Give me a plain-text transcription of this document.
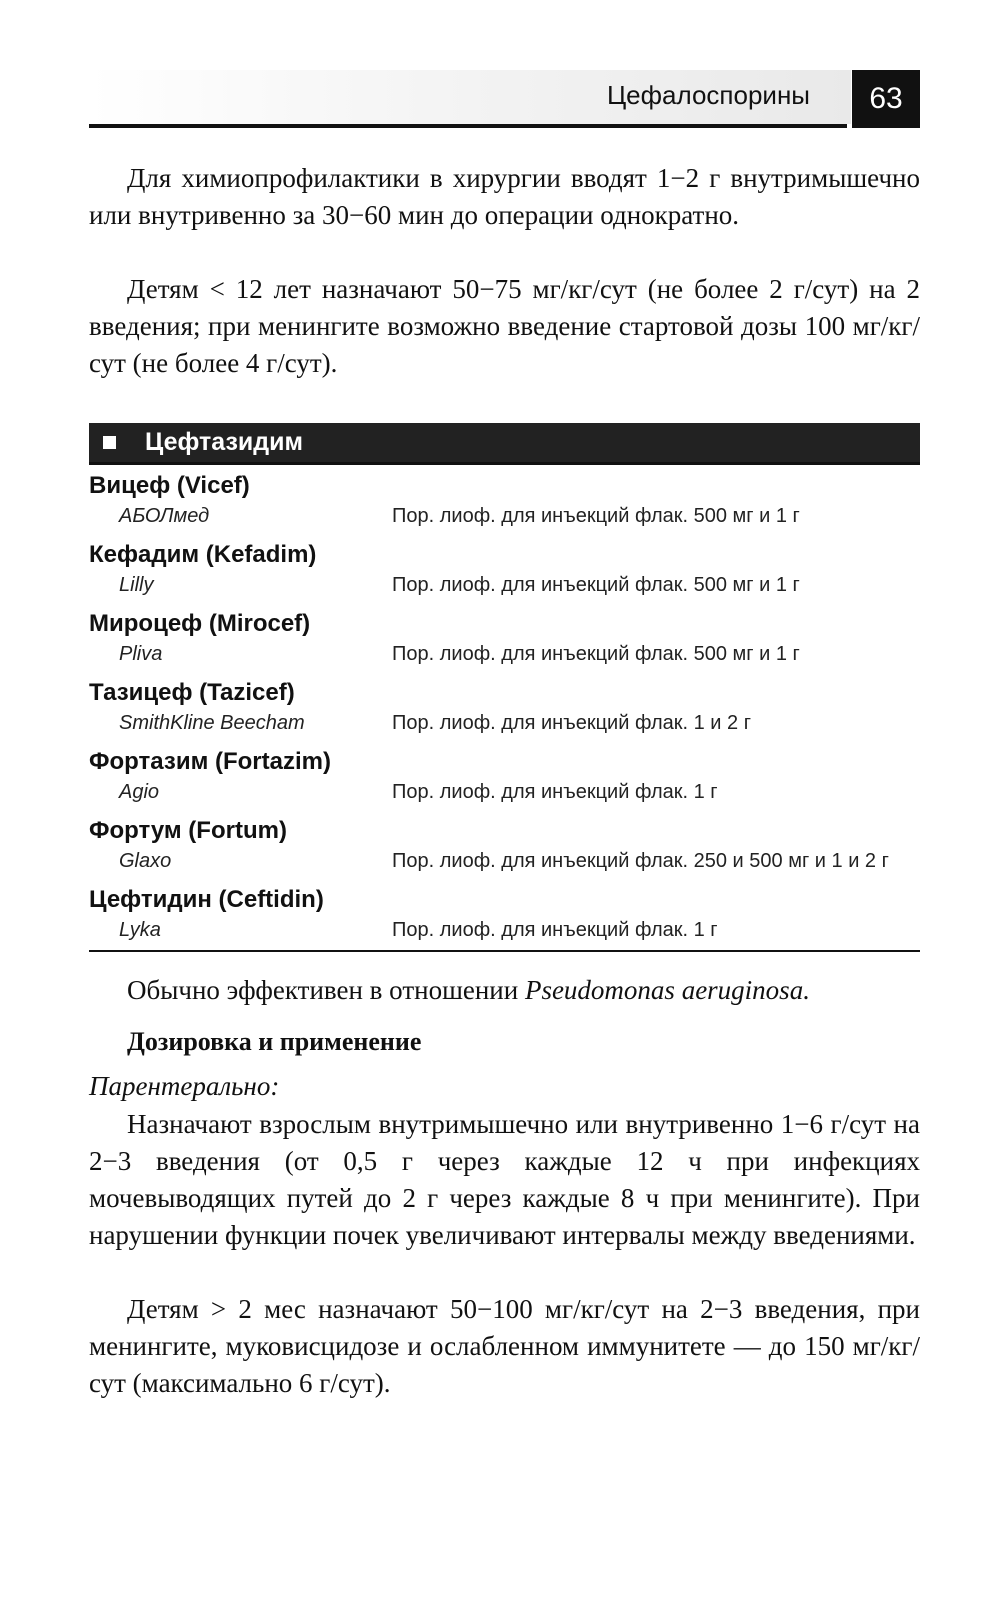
Цефалоспорины	63

Для химиопрофилактики в хирургии вводят 1−2 г внутримышечно или внутривенно за 30−60 мин до операции однократно.

Детям < 12 лет назначают 50−75 мг/кг/сут (не более 2 г/сут) на 2 введения; при менингите возможно введение стартовой дозы 100 мг/кг/сут (не более 4 г/сут).

Цефтазидим
Вицеф (Vicef)
АБОЛмед	Пор. лиоф. для инъекций флак. 500 мг и 1 г
Кефадим (Kefadim)
Lilly	Пор. лиоф. для инъекций флак. 500 мг и 1 г
Мироцеф (Mirocef)
Pliva	Пор. лиоф. для инъекций флак. 500 мг и 1 г
Тазицеф (Tazicef)
SmithKline Beecham	Пор. лиоф. для инъекций флак. 1 и 2 г
Фортазим (Fortazim)
Agio	Пор. лиоф. для инъекций флак. 1 г
Фортум (Fortum)
Glaxo	Пор. лиоф. для инъекций флак. 250 и 500 мг и 1 и 2 г
Цефтидин (Ceftidin)
Lyka	Пор. лиоф. для инъекций флак. 1 г

Обычно эффективен в отношении Pseudomonas aeruginosa.

Дозировка и применение

Парентерально:

Назначают взрослым внутримышечно или внутривенно 1−6 г/сут на 2−3 введения (от 0,5 г через каждые 12 ч при инфекциях мочевыводящих путей до 2 г через каждые 8 ч при менингите). При нарушении функции почек увеличивают интервалы между введениями.

Детям > 2 мес назначают 50−100 мг/кг/сут на 2−3 введения, при менингите, муковисцидозе и ослабленном иммунитете — до 150 мг/кг/сут (максимально 6 г/сут).
